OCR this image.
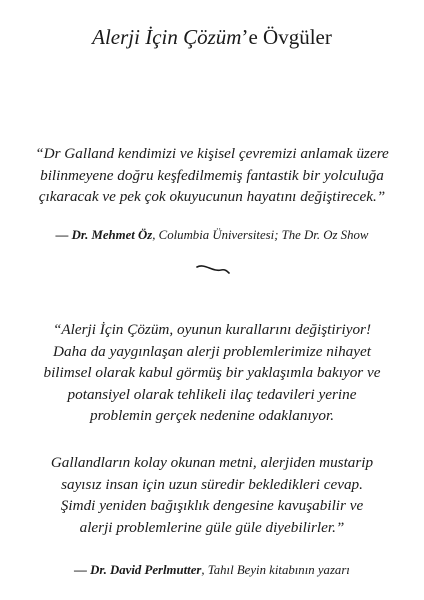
Alerji İçin Çözüm’e Övgüler

“Dr Galland kendimizi ve kişisel çevremizi anlamak üzere
bilinmeyene doğru keşfedilmemiş fantastik bir yolculuğa
çıkaracak ve pek çok okuyucunun hayatını değiştirecek.”

— Dr. Mehmet Öz, Columbia Üniversitesi; The Dr. Oz Show

“Alerji İçin Çözüm, oyunun kurallarını değiştiriyor!
Daha da yaygınlaşan alerji problemlerimize nihayet
bilimsel olarak kabul görmüş bir yaklaşımla bakıyor ve
potansiyel olarak tehlikeli ilaç tedavileri yerine
problemin gerçek nedenine odaklanıyor.

Gallandların kolay okunan metni, alerjiden mustarip
sayısız insan için uzun süredir bekledikleri cevap.
Şimdi yeniden bağışıklık dengesine kavuşabilir ve
alerji problemlerine güle güle diyebilirler.”

— Dr. David Perlmutter, Tahıl Beyin kitabının yazarı
